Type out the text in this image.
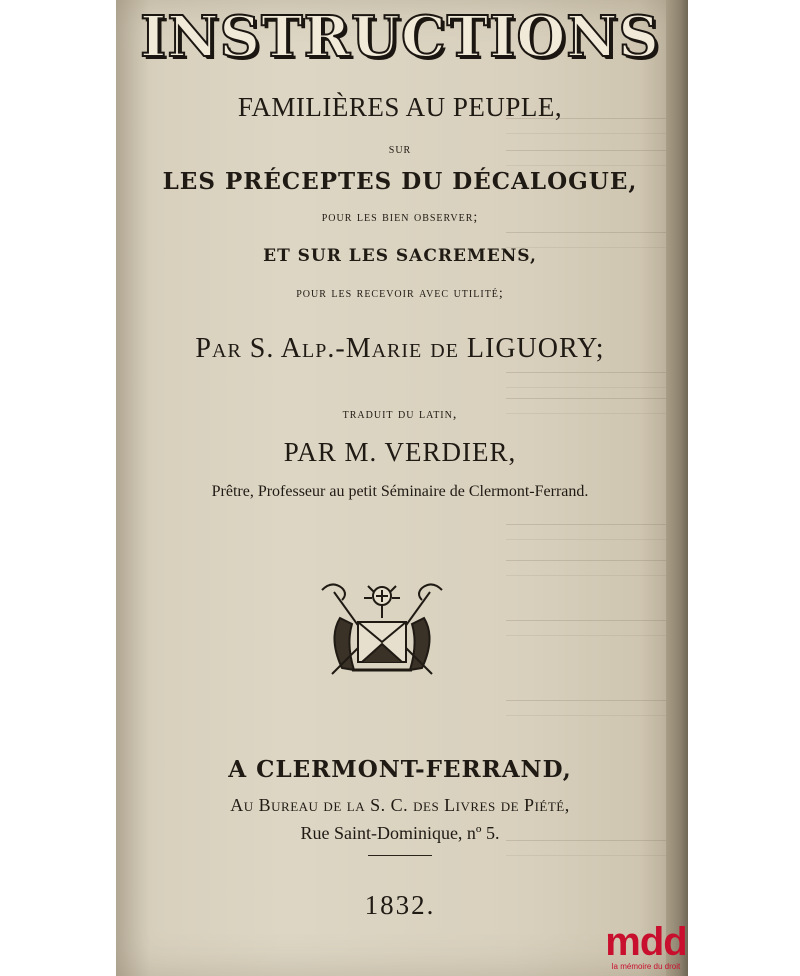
INSTRUCTIONS
FAMILIÈRES AU PEUPLE,
sur
LES PRÉCEPTES DU DÉCALOGUE,
pour les bien observer;
ET SUR LES SACREMENS,
pour les recevoir avec utilité;
Par S. Alp.-Marie de LIGUORY;
traduit du latin,
PAR M. VERDIER,
Prêtre, Professeur au petit Séminaire de Clermont-Ferrand.
A CLERMONT-FERRAND,
Au Bureau de la S. C. des Livres de Piété,
Rue Saint-Dominique, nº 5.
1832.
mdd
la mémoire du droit
